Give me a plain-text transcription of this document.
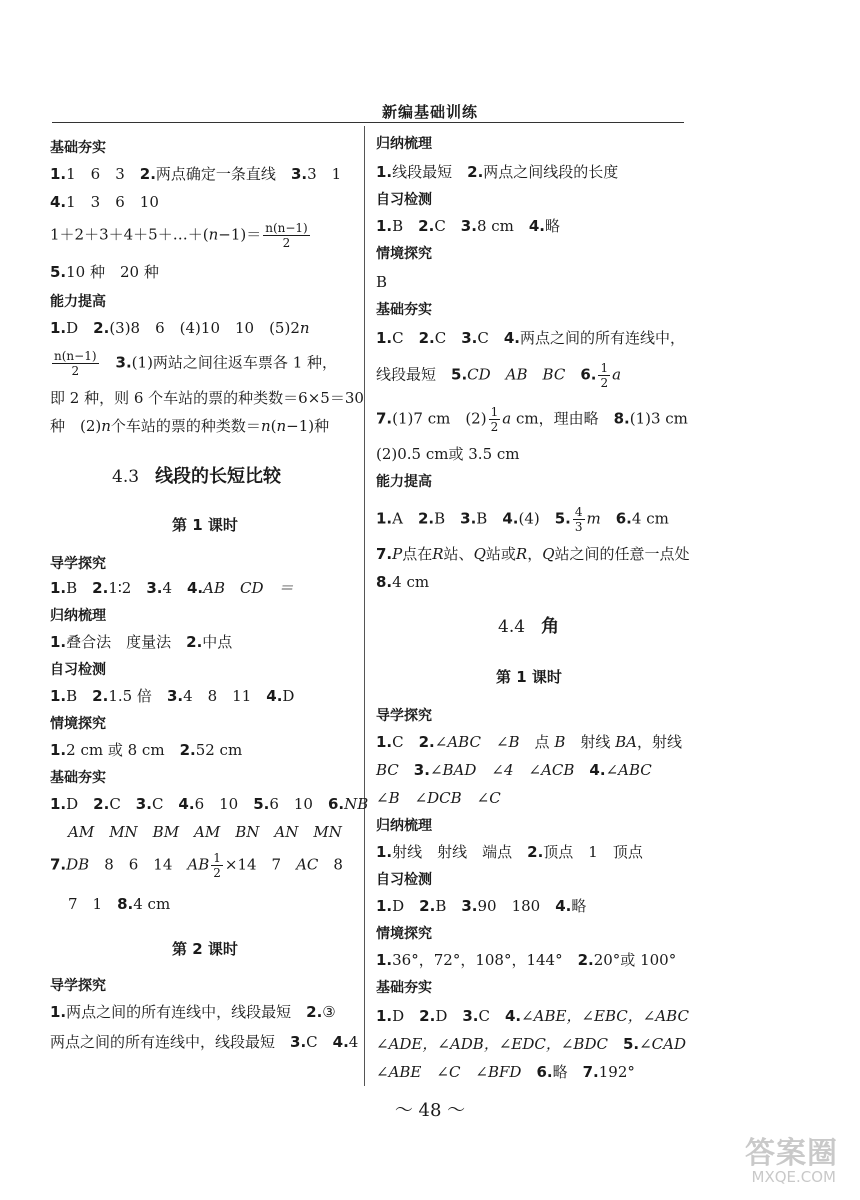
新编基础训练
基础夯实
1.1　6　3　2.两点确定一条直线　3.3　1
4.1　3　6　10
1＋2＋3＋4＋5＋…＋(n−1)＝ $\frac{n(n-1)}{2}$
5.10 种　20 种
能力提高
1.D　2.(3)8　6　(4)10　10　(5)2n
$\frac{n(n-1)}{2}$
　 3.(1)两站之间往返车票各 1 种，
即 2 种，则 6 个车站的票的种类数＝6×5＝30
种　(2)n个车站的票的种类数＝n(n−1)种
4.3　 线段的长短比较
第 1 课时
导学探究
1.B　2.1∶2　3.4　4.AB　CD　＝
归纳梳理
1.叠合法　度量法　2.中点
自习检测
1.B　2.1.5 倍　3.4　8　11　4.D
情境探究
1.2 cm 或 8 cm　2.52 cm
基础夯实
1.D　2.C　3.C　4.6　10　5.6　10　6.NB
AM　MN　BM　AM　BN　AN　MN
7.DB　8　6　14　AB $\frac{1}{2} \times 14$　7　AC　8
7　1　8.4 cm
第 2 课时
导学探究
1.两点之间的所有连线中，线段最短　2.③
两点之间的所有连线中，线段最短　3.C　4.4
归纳梳理
1.线段最短　2.两点之间线段的长度
自习检测
1.B　2.C　3.8 cm　4.略
情境探究
B
基础夯实
1.C　2.C　3.C　4.两点之间的所有连线中，
线段最短　5.CD　AB　BC　 6. $\frac{1}{2}$ a
7.(1)7 cm　$(2) \frac{1}{2}$ a cm，理由略　8.(1)3 cm
(2)0.5 cm或 3.5 cm
能力提高
1.A　2.B　3.B　4.(4)　5. $\frac{4}{3}$ m　 6.4 cm
7.P点在R站、Q站或R，Q站之间的任意一点处
8.4 cm
4.4　 角
第 1 课时
导学探究
1.C　2.∠ABC　∠B　点 B　射线 BA，射线
BC　 3.∠BAD　∠4　∠ACB　 4.∠ABC
∠B　∠DCB　∠C
归纳梳理
1.射线　射线　端点　2.顶点　1　顶点
自习检测
1.D　2.B　3.90　180　4.略
情境探究
1.36°，72°，108°，144°　2.20°或 100°
基础夯实
1.D　2.D　3.C　4.∠ABE，∠EBC，∠ABC
∠ADE，∠ADB，∠EDC，∠BDC　 5.∠CAD
∠ABE　∠C　∠BFD　 6.略　7.192°
～ 48 ～
答案圈
MXQE.COM
